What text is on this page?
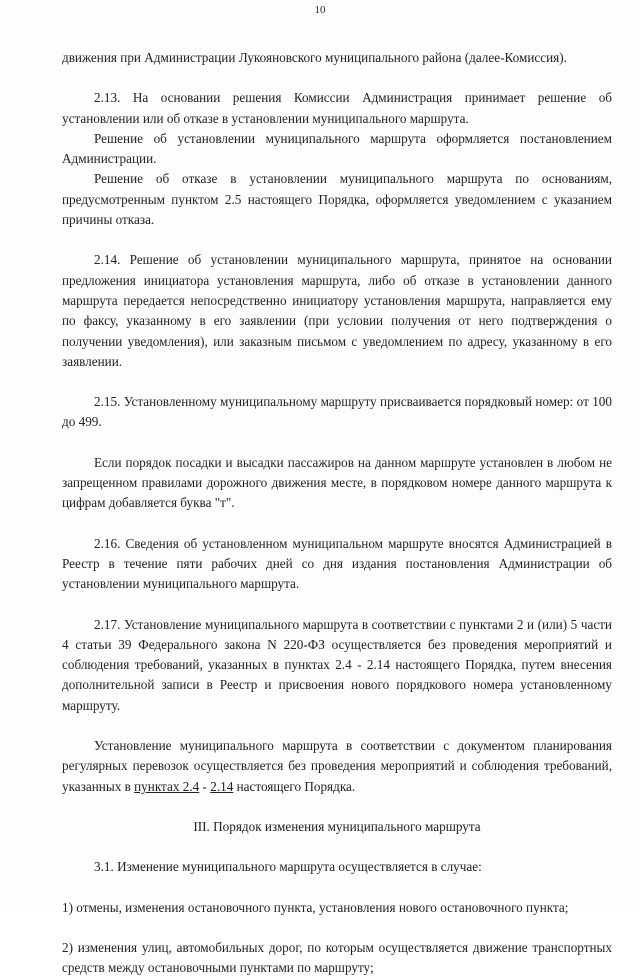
10

движения при Администрации Лукояновского муниципального района (далее-Комиссия).

2.13. На основании решения Комиссии Администрация принимает решение об установлении или об отказе в установлении муниципального маршрута.

Решение об установлении муниципального маршрута оформляется постановлением Администрации.

Решение об отказе в установлении муниципального маршрута по основаниям, предусмотренным пунктом 2.5 настоящего Порядка, оформляется уведомлением с указанием причины отказа.

2.14. Решение об установлении муниципального маршрута, принятое на основании предложения инициатора установления маршрута, либо об отказе в установлении данного маршрута передается непосредственно инициатору установления маршрута, направляется ему по факсу, указанному в его заявлении (при условии получения от него подтверждения о получении уведомления), или заказным письмом с уведомлением по адресу, указанному в его заявлении.

2.15. Установленному муниципальному маршруту присваивается порядковый номер: от 100 до 499.

Если порядок посадки и высадки пассажиров на данном маршруте установлен в любом не запрещенном правилами дорожного движения месте, в порядковом номере данного маршрута к цифрам добавляется буква "т".

2.16. Сведения об установленном муниципальном маршруте вносятся Администрацией в Реестр в течение пяти рабочих дней со дня издания постановления Администрации об установлении муниципального маршрута.

2.17. Установление муниципального маршрута в соответствии с пунктами 2 и (или) 5 части 4 статьи 39 Федерального закона N 220-ФЗ осуществляется без проведения мероприятий и соблюдения требований, указанных в пунктах 2.4 - 2.14 настоящего Порядка, путем внесения дополнительной записи в Реестр и присвоения нового порядкового номера установленному маршруту.

Установление муниципального маршрута в соответствии с документом планирования регулярных перевозок осуществляется без проведения мероприятий и соблюдения требований, указанных в пунктах 2.4 - 2.14 настоящего Порядка.

III. Порядок изменения муниципального маршрута

3.1. Изменение муниципального маршрута осуществляется в случае:

1) отмены, изменения остановочного пункта, установления нового остановочного пункта;

2) изменения улиц, автомобильных дорог, по которым осуществляется движение транспортных средств между остановочными пунктами по маршруту;
